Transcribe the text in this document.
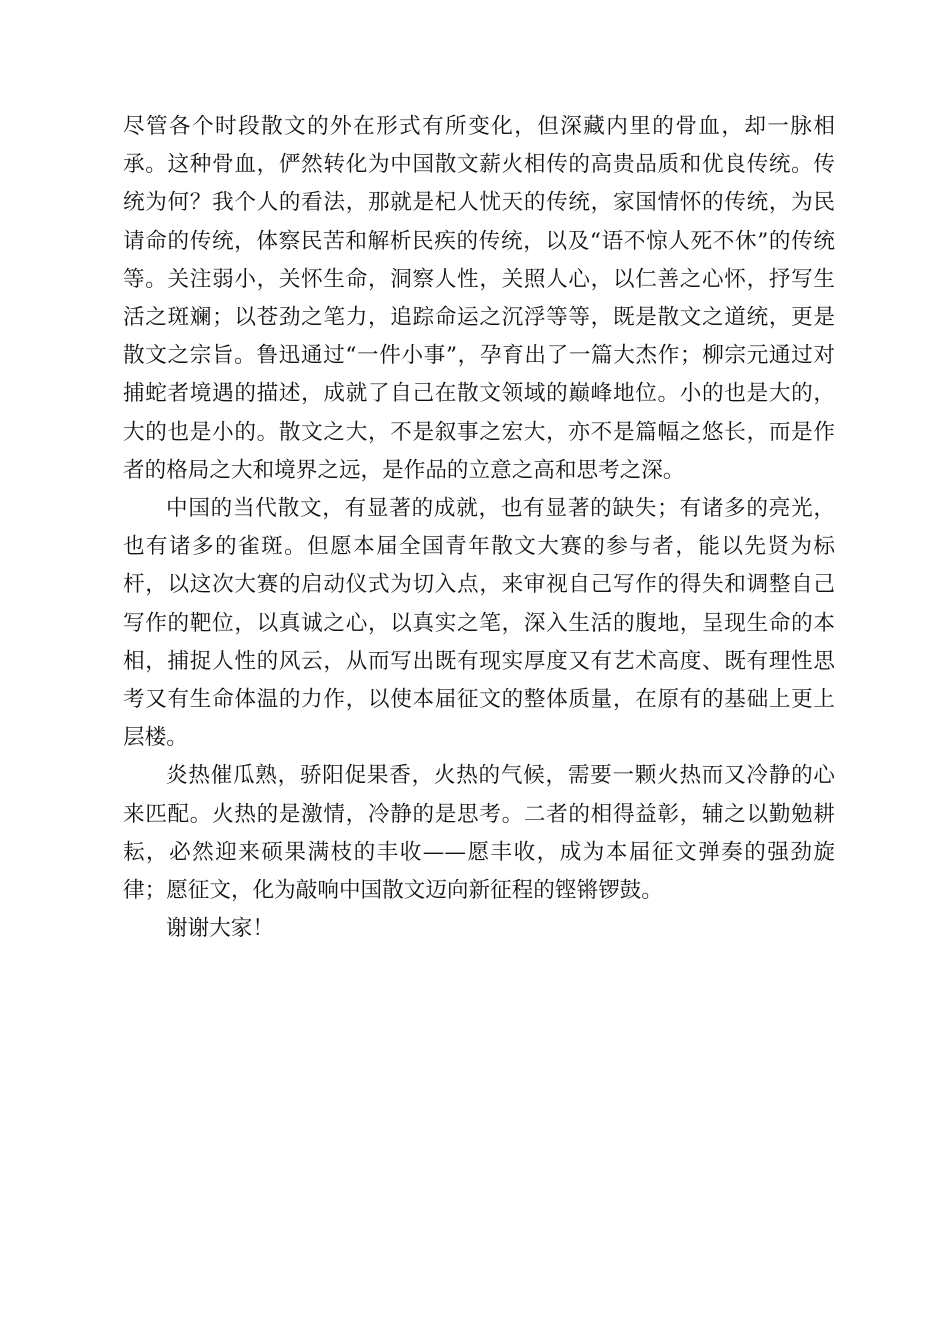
尽管各个时段散文的外在形式有所变化，但深藏内里的骨血，却一脉相承。这种骨血，俨然转化为中国散文薪火相传的高贵品质和优良传统。传统为何？我个人的看法，那就是杞人忧天的传统，家国情怀的传统，为民请命的传统，体察民苦和解析民疾的传统，以及“语不惊人死不休”的传统等。关注弱小，关怀生命，洞察人性，关照人心，以仁善之心怀，抒写生活之斑斓；以苍劲之笔力，追踪命运之沉浮等等，既是散文之道统，更是散文之宗旨。鲁迅通过“一件小事”，孕育出了一篇大杰作；柳宗元通过对捕蛇者境遇的描述，成就了自己在散文领域的巅峰地位。小的也是大的，大的也是小的。散文之大，不是叙事之宏大，亦不是篇幅之悠长，而是作者的格局之大和境界之远，是作品的立意之高和思考之深。

中国的当代散文，有显著的成就，也有显著的缺失；有诸多的亮光，也有诸多的雀斑。但愿本届全国青年散文大赛的参与者，能以先贤为标杆，以这次大赛的启动仪式为切入点，来审视自己写作的得失和调整自己写作的靶位，以真诚之心，以真实之笔，深入生活的腹地，呈现生命的本相，捕捉人性的风云，从而写出既有现实厚度又有艺术高度、既有理性思考又有生命体温的力作，以使本届征文的整体质量，在原有的基础上更上层楼。

炎热催瓜熟，骄阳促果香，火热的气候，需要一颗火热而又冷静的心来匹配。火热的是激情，冷静的是思考。二者的相得益彰，辅之以勤勉耕耘，必然迎来硕果满枝的丰收——愿丰收，成为本届征文弹奏的强劲旋律；愿征文，化为敲响中国散文迈向新征程的铿锵锣鼓。

谢谢大家！
